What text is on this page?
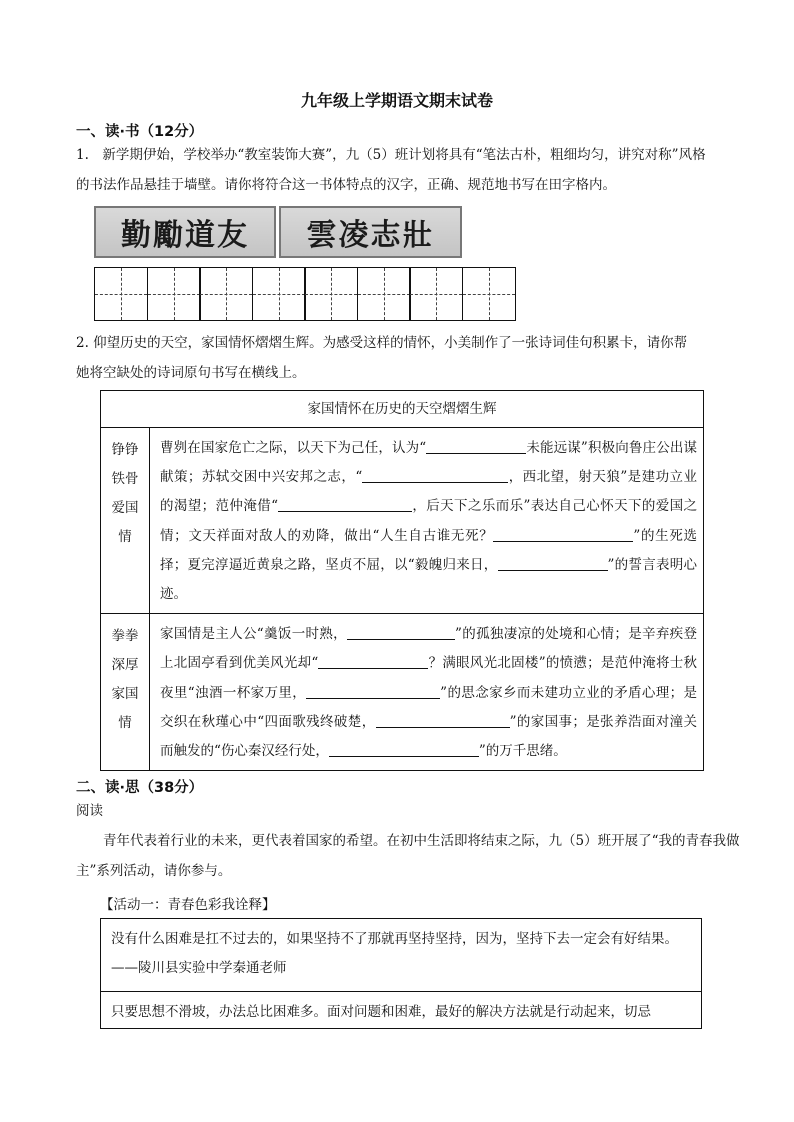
九年级上学期语文期末试卷
一、读·书（12分）
1.　新学期伊始，学校举办“教室装饰大赛”，九（5）班计划将具有“笔法古朴，粗细均匀，讲究对称”风格
的书法作品悬挂于墙壁。请你将符合这一书体特点的汉字，正确、规范地书写在田字格内。
勤勵道友 雲凌志壯
2. 仰望历史的天空，家国情怀熠熠生辉。为感受这样的情怀，小美制作了一张诗词佳句积累卡，请你帮
她将空缺处的诗词原句书写在横线上。
家国情怀在历史的天空熠熠生辉	

铮铮
铁骨
爱国
情	曹刿在国家危亡之际，以天下为己任，认为“ 未能远谋”积极向鲁庄公出谋献策；苏轼交困中兴安邦之志，“ ，西北望，射天狼”是建功立业的渴望；范仲淹借“ ，后天下之乐而乐”表达自己心怀天下的爱国之情；文天祥面对敌人的劝降，做出“人生自古谁无死？ ”的生死选择；夏完淳逼近黄泉之路，坚贞不屈，以“毅魄归来日， ”的誓言表明心迹。

拳拳
深厚
家国
情	家国情是主人公“羹饭一时熟， ”的孤独凄凉的处境和心情；是辛弃疾登上北固亭看到优美风光却“ ？满眼风光北固楼”的愤懑；是范仲淹将士秋夜里“浊酒一杯家万里， ”的思念家乡而未建功立业的矛盾心理；是交织在秋瑾心中“四面歌残终破楚， ”的家国事；是张养浩面对潼关而触发的“伤心秦汉经行处， ”的万千思绪。
二、读·思（38分）
阅读
青年代表着行业的未来，更代表着国家的希望。在初中生活即将结束之际，九（5）班开展了“我的青春我做主”系列活动，请你参与。
【活动一：青春色彩我诠释】
没有什么困难是扛不过去的，如果坚持不了那就再坚持坚持，因为，坚持下去一定会有好结果。
——陵川县实验中学秦通老师
只要思想不滑坡，办法总比困难多。面对问题和困难，最好的解决方法就是行动起来，切忌
